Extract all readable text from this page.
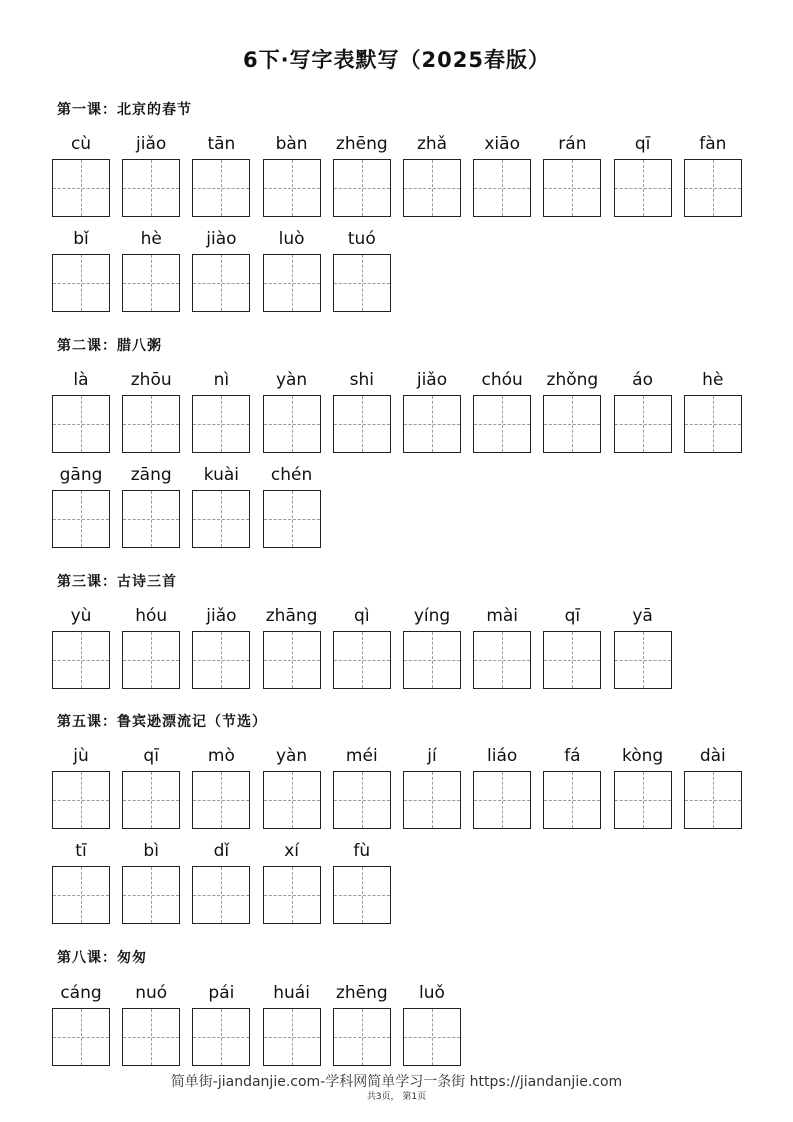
6下·写字表默写（2025春版）
第一课：北京的春节
cù	jiǎo	tān	bàn	zhēng	zhǎ	xiāo	rán	qī	fàn
bǐ	hè	jiào	luò	tuó
第二课：腊八粥
là	zhōu	nì	yàn	shi	jiǎo	chóu	zhǒng	áo	hè
gāng	zāng	kuài	chén
第三课：古诗三首
yù	hóu	jiǎo	zhāng	qì	yíng	mài	qī	yā
第五课：鲁宾逊漂流记（节选）
jù	qī	mò	yàn	méi	jí	liáo	fá	kòng	dài
tī	bì	dǐ	xí	fù
第八课：匆匆
cáng	nuó	pái	huái	zhēng	luǒ
简单街-jiandanjie.com-学科网简单学习一条街 https://jiandanjie.com
共3页， 第1页
